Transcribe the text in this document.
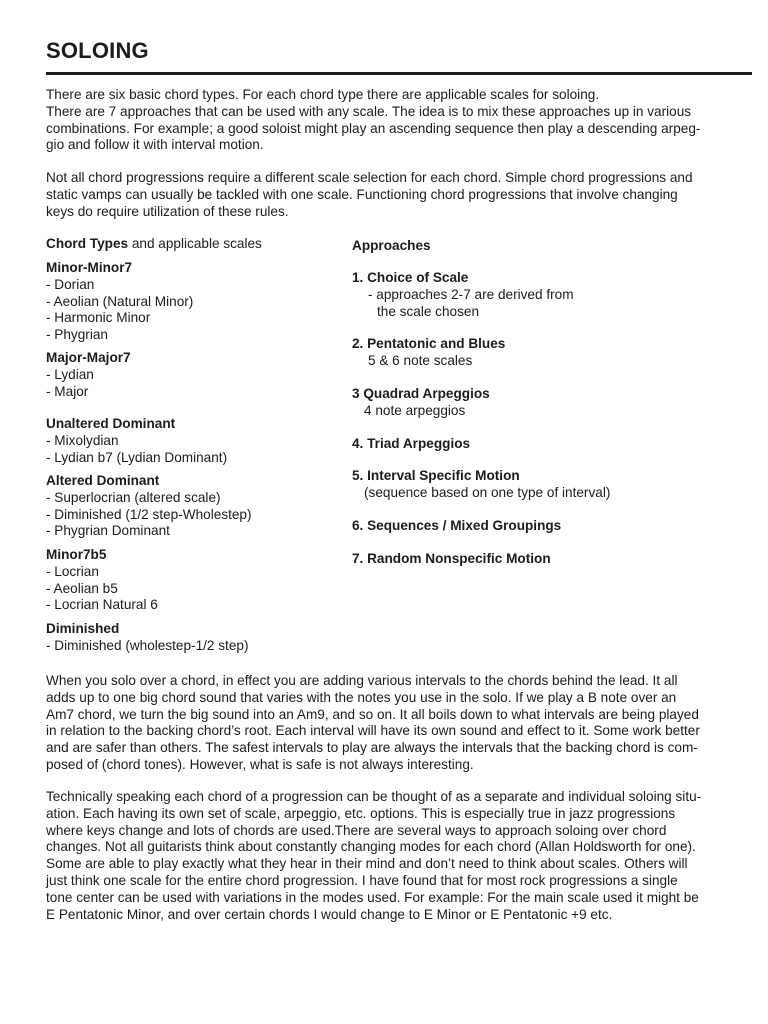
SOLOING

There are six basic chord types. For each chord type there are applicable scales for soloing.
There are 7 approaches that can be used with any scale. The idea is to mix these approaches up in various
combinations. For example; a good soloist might play an ascending sequence then play a descending arpeg-
gio and follow it with interval motion.

Not all chord progressions require a different scale selection for each chord. Simple chord progressions and
static vamps can usually be tackled with one scale. Functioning chord progressions that involve changing
keys do require utilization of these rules.

Chord Types and applicable scales
Minor-Minor7
- Dorian
- Aeolian (Natural Minor)
- Harmonic Minor
- Phygrian
Major-Major7
- Lydian
- Major
Unaltered Dominant
- Mixolydian
- Lydian b7 (Lydian Dominant)
Altered Dominant
- Superlocrian (altered scale)
- Diminished (1/2 step-Wholestep)
- Phygrian Dominant
Minor7b5
- Locrian
- Aeolian b5
- Locrian Natural 6
Diminished
- Diminished (wholestep-1/2 step)
Approaches
1. Choice of Scale
- approaches 2-7 are derived from
the scale chosen
2. Pentatonic and Blues
5 & 6 note scales
3 Quadrad Arpeggios
4 note arpeggios
4. Triad Arpeggios
5. Interval Specific Motion
(sequence based on one type of interval)
6. Sequences / Mixed Groupings
7. Random Nonspecific Motion

When you solo over a chord, in effect you are adding various intervals to the chords behind the lead. It all
adds up to one big chord sound that varies with the notes you use in the solo. If we play a B note over an
Am7 chord, we turn the big sound into an Am9, and so on. It all boils down to what intervals are being played
in relation to the backing chord’s root. Each interval will have its own sound and effect to it. Some work better
and are safer than others. The safest intervals to play are always the intervals that the backing chord is com-
posed of (chord tones). However, what is safe is not always interesting.

Technically speaking each chord of a progression can be thought of as a separate and individual soloing situ-
ation. Each having its own set of scale, arpeggio, etc. options. This is especially true in jazz progressions
where keys change and lots of chords are used.There are several ways to approach soloing over chord
changes. Not all guitarists think about constantly changing modes for each chord (Allan Holdsworth for one).
Some are able to play exactly what they hear in their mind and don’t need to think about scales. Others will
just think one scale for the entire chord progression. I have found that for most rock progressions a single
tone center can be used with variations in the modes used. For example: For the main scale used it might be
E Pentatonic Minor, and over certain chords I would change to E Minor or E Pentatonic +9 etc.
